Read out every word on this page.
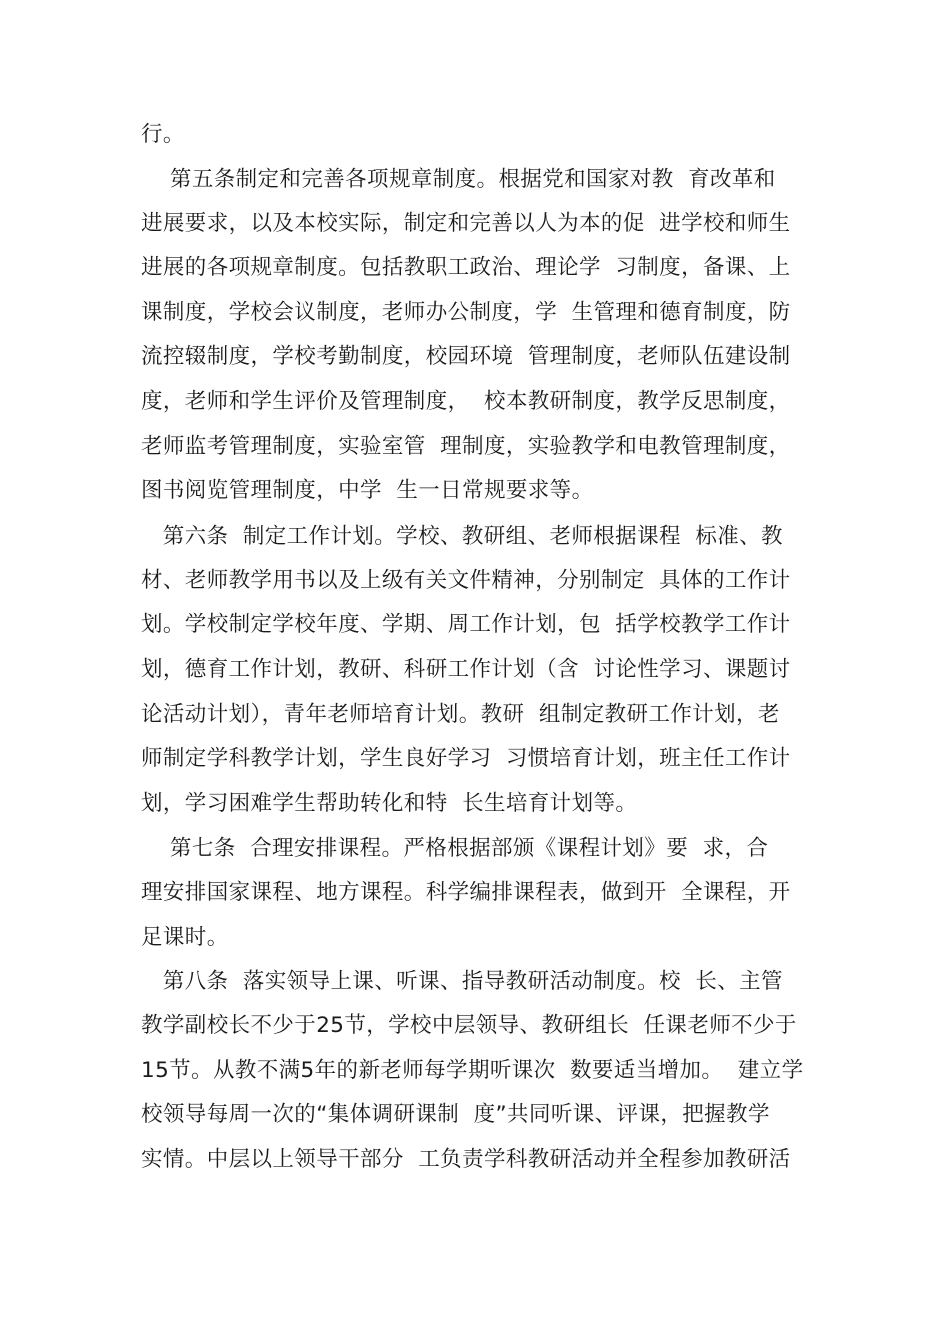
行。
第五条制定和完善各项规章制度。根据党和国家对教  育改革和
进展要求，以及本校实际，制定和完善以人为本的促  进学校和师生
进展的各项规章制度。包括教职工政治、理论学  习制度，备课、上
课制度，学校会议制度，老师办公制度，学  生管理和德育制度，防
流控辍制度，学校考勤制度，校园环境  管理制度，老师队伍建设制
度，老师和学生评价及管理制度，  校本教研制度，教学反思制度，
老师监考管理制度，实验室管  理制度，实验教学和电教管理制度，
图书阅览管理制度，中学  生一日常规要求等。
第六条  制定工作计划。学校、教研组、老师根据课程  标准、教
材、老师教学用书以及上级有关文件精神，分别制定  具体的工作计
划。学校制定学校年度、学期、周工作计划，包  括学校教学工作计
划，德育工作计划，教研、科研工作计划（含  讨论性学习、课题讨
论活动计划），青年老师培育计划。教研  组制定教研工作计划，老
师制定学科教学计划，学生良好学习  习惯培育计划，班主任工作计
划，学习困难学生帮助转化和特  长生培育计划等。
第七条  合理安排课程。严格根据部颁《课程计划》要  求，合
理安排国家课程、地方课程。科学编排课程表，做到开  全课程，开
足课时。
第八条  落实领导上课、听课、指导教研活动制度。校  长、主管
教学副校长不少于25节，学校中层领导、教研组长  任课老师不少于
15节。从教不满5年的新老师每学期听课次  数要适当增加。  建立学
校领导每周一次的“集体调研课制  度”共同听课、评课，把握教学
实情。中层以上领导干部分  工负责学科教研活动并全程参加教研活
